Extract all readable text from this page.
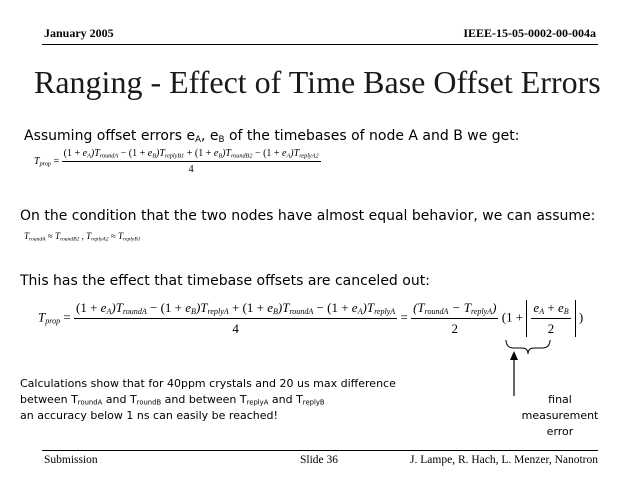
January 2005	IEEE-15-05-0002-00-004a
Ranging - Effect of Time Base Offset Errors
Assuming offset errors $e_A$, $e_B$ of the timebases of node A and B we get:
$T_{prop}$ =
$(1 + e_A)T_{roundA} - (1 + e_B)T_{replyB1} + (1 + e_B)T_{roundB2} - (1 + e_A)T_{replyA2}$
4
On the condition that the two nodes have almost equal behavior, we can assume:
$T_{roundA} \approx T_{roundB2}$ , $T_{replyA2} \approx T_{replyB1}$
This has the effect that timebase offsets are canceled out:
$T_{prop}$ =
$(1 + e_A)T_{roundA} - (1 + e_B)T_{replyA} + (1 + e_B)T_{roundA} - (1 + e_A)T_{replyA}$
4
= $\frac{(T_{roundA} - T_{replyA})}{2} (1 + \frac{e_A + e_B}{2}$ )
Calculations show that for 40ppm crystals and 20 us max difference
between $T_{roundA}$ and $T_{roundB}$ and between $T_{replyA}$ and $T_{replyB}$
an accuracy below 1 ns can easily be reached!
final
measurement
error
Submission	Slide 36	J. Lampe, R. Hach, L. Menzer, Nanotron
